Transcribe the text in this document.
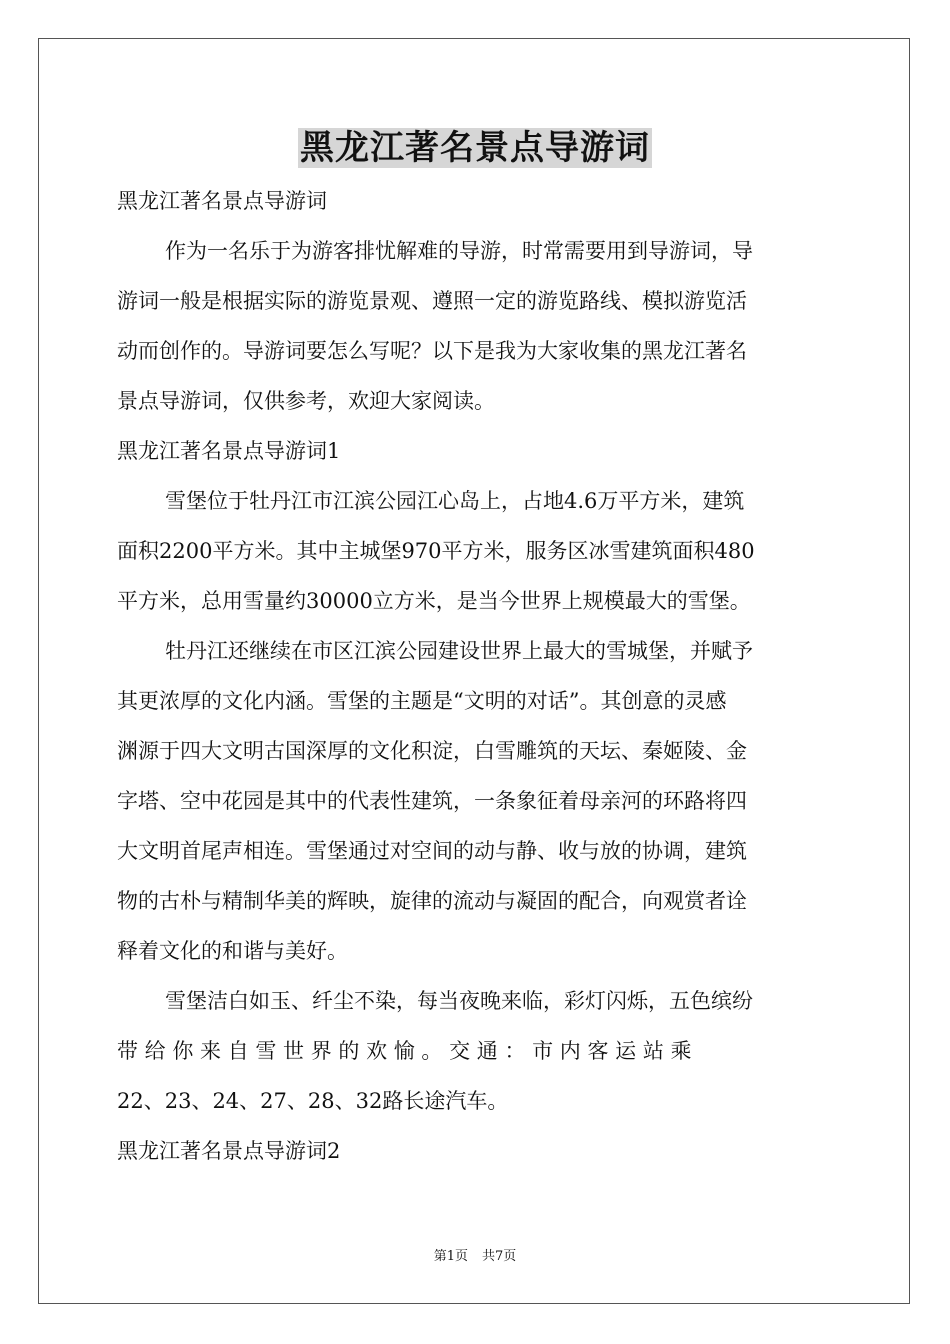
黑龙江著名景点导游词
黑龙江著名景点导游词
作为一名乐于为游客排忧解难的导游，时常需要用到导游词，导
游词一般是根据实际的游览景观、遵照一定的游览路线、模拟游览活
动而创作的。导游词要怎么写呢？以下是我为大家收集的黑龙江著名
景点导游词，仅供参考，欢迎大家阅读。
黑龙江著名景点导游词1
雪堡位于牡丹江市江滨公园江心岛上，占地4.6万平方米，建筑
面积2200平方米。其中主城堡970平方米，服务区冰雪建筑面积480
平方米，总用雪量约30000立方米，是当今世界上规模最大的雪堡。
牡丹江还继续在市区江滨公园建设世界上最大的雪城堡，并赋予
其更浓厚的文化内涵。雪堡的主题是“文明的对话”。其创意的灵感
渊源于四大文明古国深厚的文化积淀，白雪雕筑的天坛、秦姬陵、金
字塔、空中花园是其中的代表性建筑，一条象征着母亲河的环路将四
大文明首尾声相连。雪堡通过对空间的动与静、收与放的协调，建筑
物的古朴与精制华美的辉映，旋律的流动与凝固的配合，向观赏者诠
释着文化的和谐与美好。
雪堡洁白如玉、纤尘不染，每当夜晚来临，彩灯闪烁，五色缤纷
带 给 你 来 自 雪 世 界 的 欢 愉 。 交 通 ： 市 内 客 运 站 乘
22、23、24、27、28、32路长途汽车。
黑龙江著名景点导游词2
第1页 共7页
